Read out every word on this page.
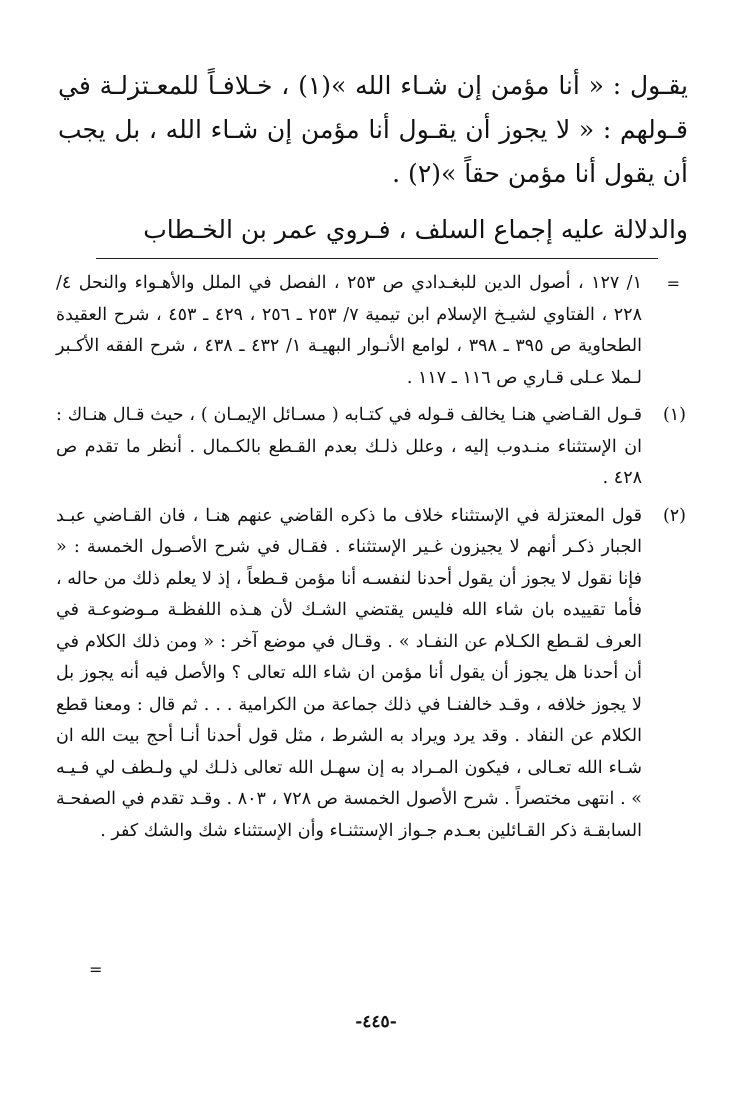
يقـول : « أنا مؤمن إن شـاء الله »(١) ، خـلافـاً للمعـتزلـة في قـولهم : « لا يجوز أن يقـول أنا مؤمن إن شـاء الله ، بل يجب أن يقول أنا مؤمن حقاً »(٢) .

والدلالة عليه إجماع السلف ، فـروي عمر بن الخـطاب

=
١/ ١٢٧ ، أصول الدين للبغـدادي ص ٢٥٣ ، الفصل في الملل والأهـواء والنحل ٤/ ٢٢٨ ، الفتاوي لشيـخ الإسلام ابن تيمية ٧/ ٢٥٣ ـ ٢٥٦ ، ٤٢٩ ـ ٤٥٣ ، شرح العقيدة الطحاوية ص ٣٩٥ ـ ٣٩٨ ، لوامع الأنـوار البهيـة ١/ ٤٣٢ ـ ٤٣٨ ، شرح الفقه الأكـبر لـملا عـلى قـاري ص ١١٦ ـ ١١٧ .

(١)
قـول القـاضي هنـا يخالف قـوله في كتـابه ( مسـائل الإيمـان ) ، حيث قـال هنـاك : ان الإستثناء منـدوب إليه ، وعلل ذلـك بعدم القـطع بالكـمال . أنظر ما تقدم ص ٤٢٨ .

(٢)
قول المعتزلة في الإستثناء خلاف ما ذكره القاضي عنهم هنـا ، فان القـاضي عبـد الجبار ذكـر أنهم لا يجيزون غـير الإستثناء . فقـال في شرح الأصـول الخمسة : « فإنا نقول لا يجوز أن يقول أحدنا لنفسـه أنا مؤمن قـطعاً ، إذ لا يعلم ذلك من حاله ، فأما تقييده بان شاء الله فليس يقتضي الشـك لأن هـذه اللفظـة مـوضوعـة في العرف لقـطع الكـلام عن النفـاد » . وقـال في موضع آخر : « ومن ذلك الكلام في أن أحدنا هل يجوز أن يقول أنا مؤمن ان شاء الله تعالى ؟ والأصل فيه أنه يجوز بل لا يجوز خلافه ، وقـد خالفنـا في ذلك جماعة من الكرامية . . . ثم قال : ومعنا قطع الكلام عن النفاد . وقد يرد ويراد به الشرط ، مثل قول أحدنا أنـا أحج بيت الله ان شـاء الله تعـالى ، فيكون المـراد به إن سهـل الله تعالى ذلـك لي ولـطف لي فـيـه » . انتهى مختصراً . شرح الأصول الخمسة ص ٧٢٨ ، ٨٠٣ . وقـد تقدم في الصفحـة السابقـة ذكر القـائلين بعـدم جـواز الإستثنـاء وأن الإستثناء شك والشك كفر .

=
-٤٤٥-
